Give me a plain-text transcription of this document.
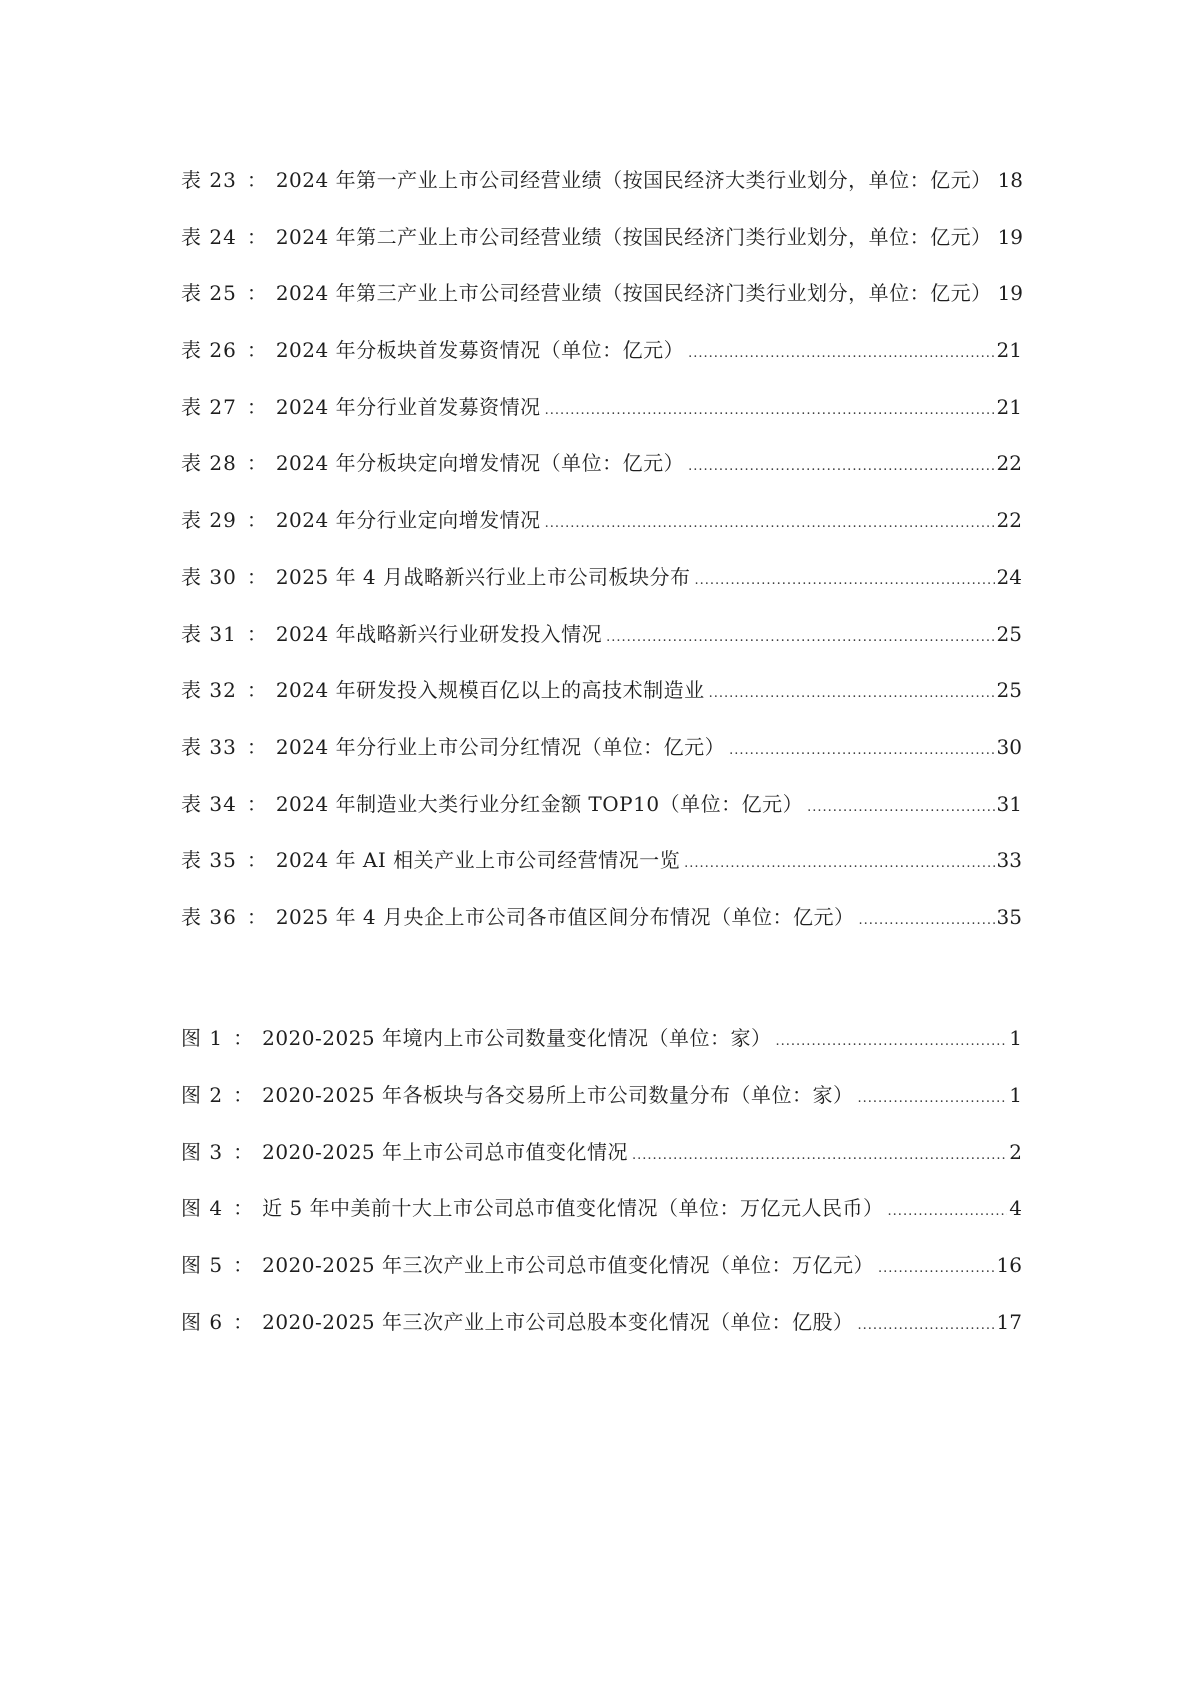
表 23 ： 2024 年第一产业上市公司经营业绩（按国民经济大类行业划分，单位：亿元） 18
表 24 ： 2024 年第二产业上市公司经营业绩（按国民经济门类行业划分，单位：亿元） 19
表 25 ： 2024 年第三产业上市公司经营业绩（按国民经济门类行业划分，单位：亿元） 19
表 26 ： 2024 年分板块首发募资情况（单位：亿元） .....	21
表 27 ： 2024 年分行业首发募资情况 .....	21
表 28 ： 2024 年分板块定向增发情况（单位：亿元） .....	22
表 29 ： 2024 年分行业定向增发情况 .....	22
表 30 ： 2025 年 4 月战略新兴行业上市公司板块分布 .....	24
表 31 ： 2024 年战略新兴行业研发投入情况 .....	25
表 32 ： 2024 年研发投入规模百亿以上的高技术制造业 .....	25
表 33 ： 2024 年分行业上市公司分红情况（单位：亿元） .....	30
表 34 ： 2024 年制造业大类行业分红金额 TOP10（单位：亿元） .....	31
表 35 ： 2024 年 AI 相关产业上市公司经营情况一览 .....	33
表 36 ： 2025 年 4 月央企上市公司各市值区间分布情况（单位：亿元） .....	35
图 1 ： 2020-2025 年境内上市公司数量变化情况（单位：家） .....	1
图 2 ： 2020-2025 年各板块与各交易所上市公司数量分布（单位：家） .....	1
图 3 ： 2020-2025 年上市公司总市值变化情况 .....	2
图 4 ： 近 5 年中美前十大上市公司总市值变化情况（单位：万亿元人民币） .....	4
图 5 ： 2020-2025 年三次产业上市公司总市值变化情况（单位：万亿元） .....	16
图 6 ： 2020-2025 年三次产业上市公司总股本变化情况（单位：亿股） .....	17
